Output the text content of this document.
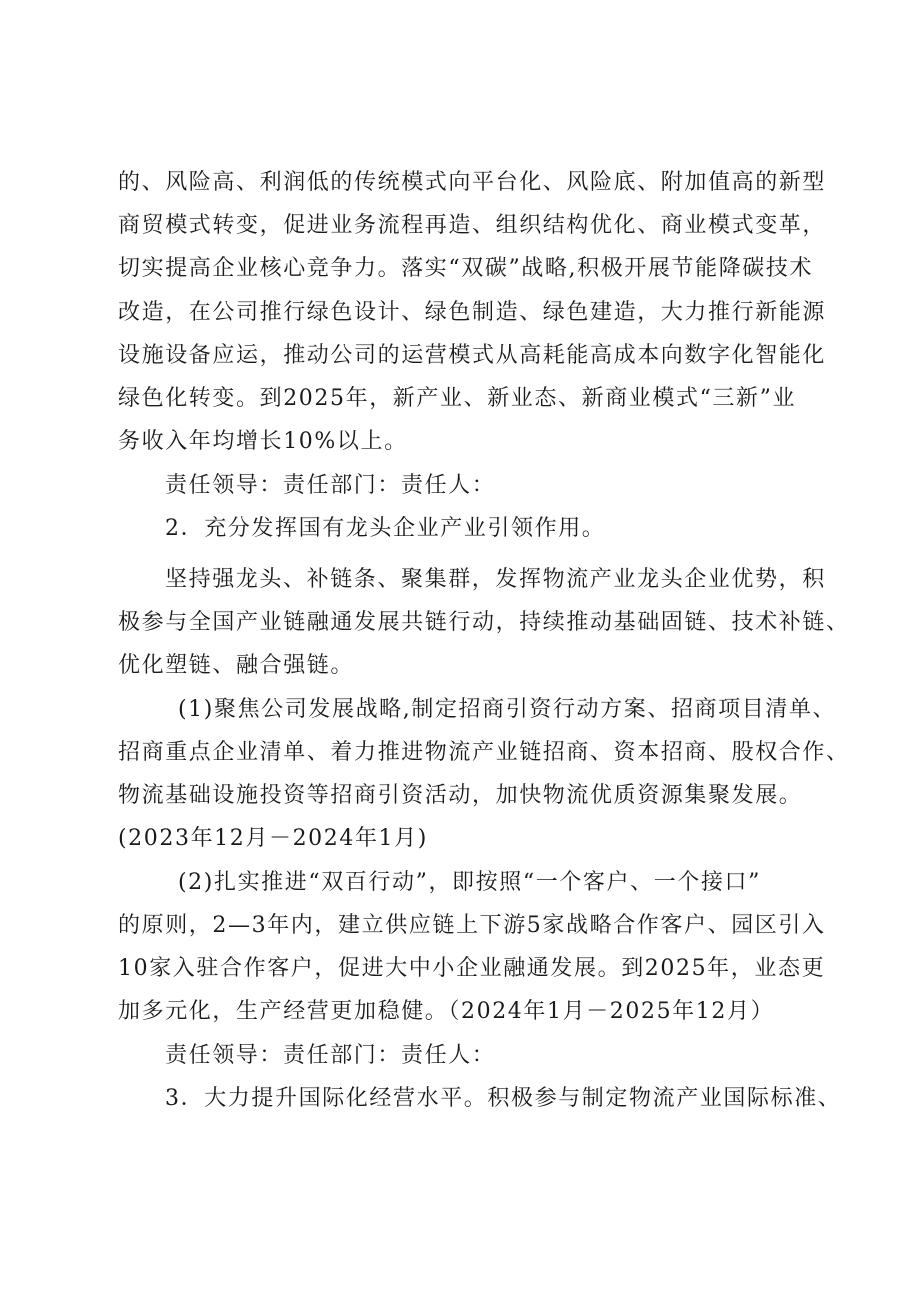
的、风险高、利润低的传统模式向平台化、风险底、附加值高的新型
商贸模式转变，促进业务流程再造、组织结构优化、商业模式变革，
切实提高企业核心竞争力。落实“双碳”战略,积极开展节能降碳技术
改造，在公司推行绿色设计、绿色制造、绿色建造，大力推行新能源
设施设备应运，推动公司的运营模式从高耗能高成本向数字化智能化
绿色化转变。到2025年，新产业、新业态、新商业模式“三新”业
务收入年均增长10%以上。
责任领导：责任部门：责任人：
2．充分发挥国有龙头企业产业引领作用。
坚持强龙头、补链条、聚集群，发挥物流产业龙头企业优势，积
极参与全国产业链融通发展共链行动，持续推动基础固链、技术补链、
优化塑链、融合强链。
(1)聚焦公司发展战略,制定招商引资行动方案、招商项目清单、
招商重点企业清单、着力推进物流产业链招商、资本招商、股权合作、
物流基础设施投资等招商引资活动，加快物流优质资源集聚发展。
(2023年12月－2024年1月)
(2)扎实推进“双百行动”，即按照“一个客户、一个接口”
的原则，2—3年内，建立供应链上下游5家战略合作客户、园区引入
10家入驻合作客户，促进大中小企业融通发展。到2025年，业态更
加多元化，生产经营更加稳健。（2024年1月－2025年12月）
责任领导：责任部门：责任人：
3．大力提升国际化经营水平。积极参与制定物流产业国际标准、
